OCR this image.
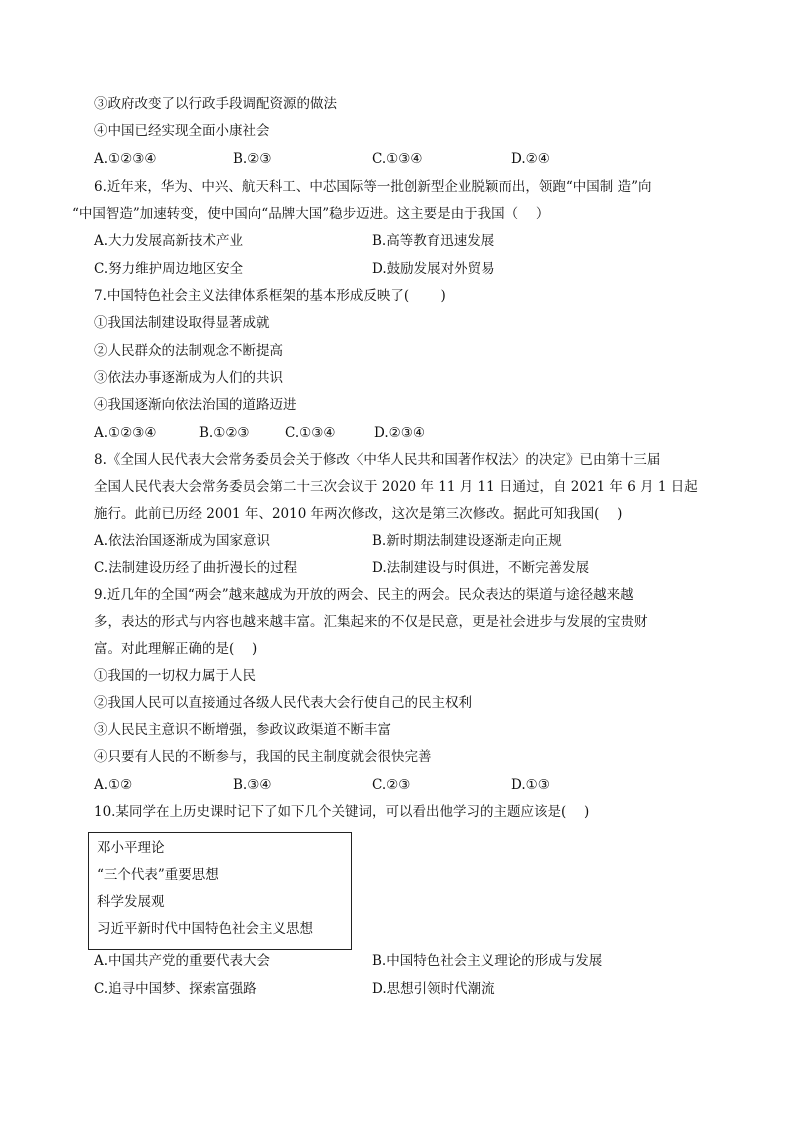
③政府改变了以行政手段调配资源的做法
④中国已经实现全面小康社会
A.①②③④	B.②③	C.①③④	D.②④
6.近年来，华为、中兴、航天科工、中芯国际等一批创新型企业脱颖而出，领跑“中国制 造”向
“中国智造”加速转变，使中国向“品牌大国”稳步迈进。这主要是由于我国（　 ）
A.大力发展高新技术产业	B.高等教育迅速发展
C.努力维护周边地区安全	D.鼓励发展对外贸易
7.中国特色社会主义法律体系框架的基本形成反映了(　　 )
①我国法制建设取得显著成就
②人民群众的法制观念不断提高
③依法办事逐渐成为人们的共识
④我国逐渐向依法治国的道路迈进
A.①②③④	B.①②③	C.①③④	D.②③④
8.《全国人民代表大会常务委员会关于修改〈中华人民共和国著作权法〉的决定》已由第十三届
全国人民代表大会常务委员会第二十三次会议于 2020 年 11 月 11 日通过，自 2021 年 6 月 1 日起
施行。此前已历经 2001 年、2010 年两次修改，这次是第三次修改。据此可知我国(　 )
A.依法治国逐渐成为国家意识	B.新时期法制建设逐渐走向正规
C.法制建设历经了曲折漫长的过程	D.法制建设与时俱进，不断完善发展
9.近几年的全国“两会”越来越成为开放的两会、民主的两会。民众表达的渠道与途径越来越
多，表达的形式与内容也越来越丰富。汇集起来的不仅是民意，更是社会进步与发展的宝贵财
富。对此理解正确的是(　 )
①我国的一切权力属于人民
②我国人民可以直接通过各级人民代表大会行使自己的民主权利
③人民民主意识不断增强，参政议政渠道不断丰富
④只要有人民的不断参与，我国的民主制度就会很快完善
A.①②	B.③④	C.②③	D.①③
10.某同学在上历史课时记下了如下几个关键词，可以看出他学习的主题应该是(　 )
邓小平理论
“三个代表”重要思想
科学发展观
习近平新时代中国特色社会主义思想
A.中国共产党的重要代表大会	B.中国特色社会主义理论的形成与发展
C.追寻中国梦、探索富强路	D.思想引领时代潮流
